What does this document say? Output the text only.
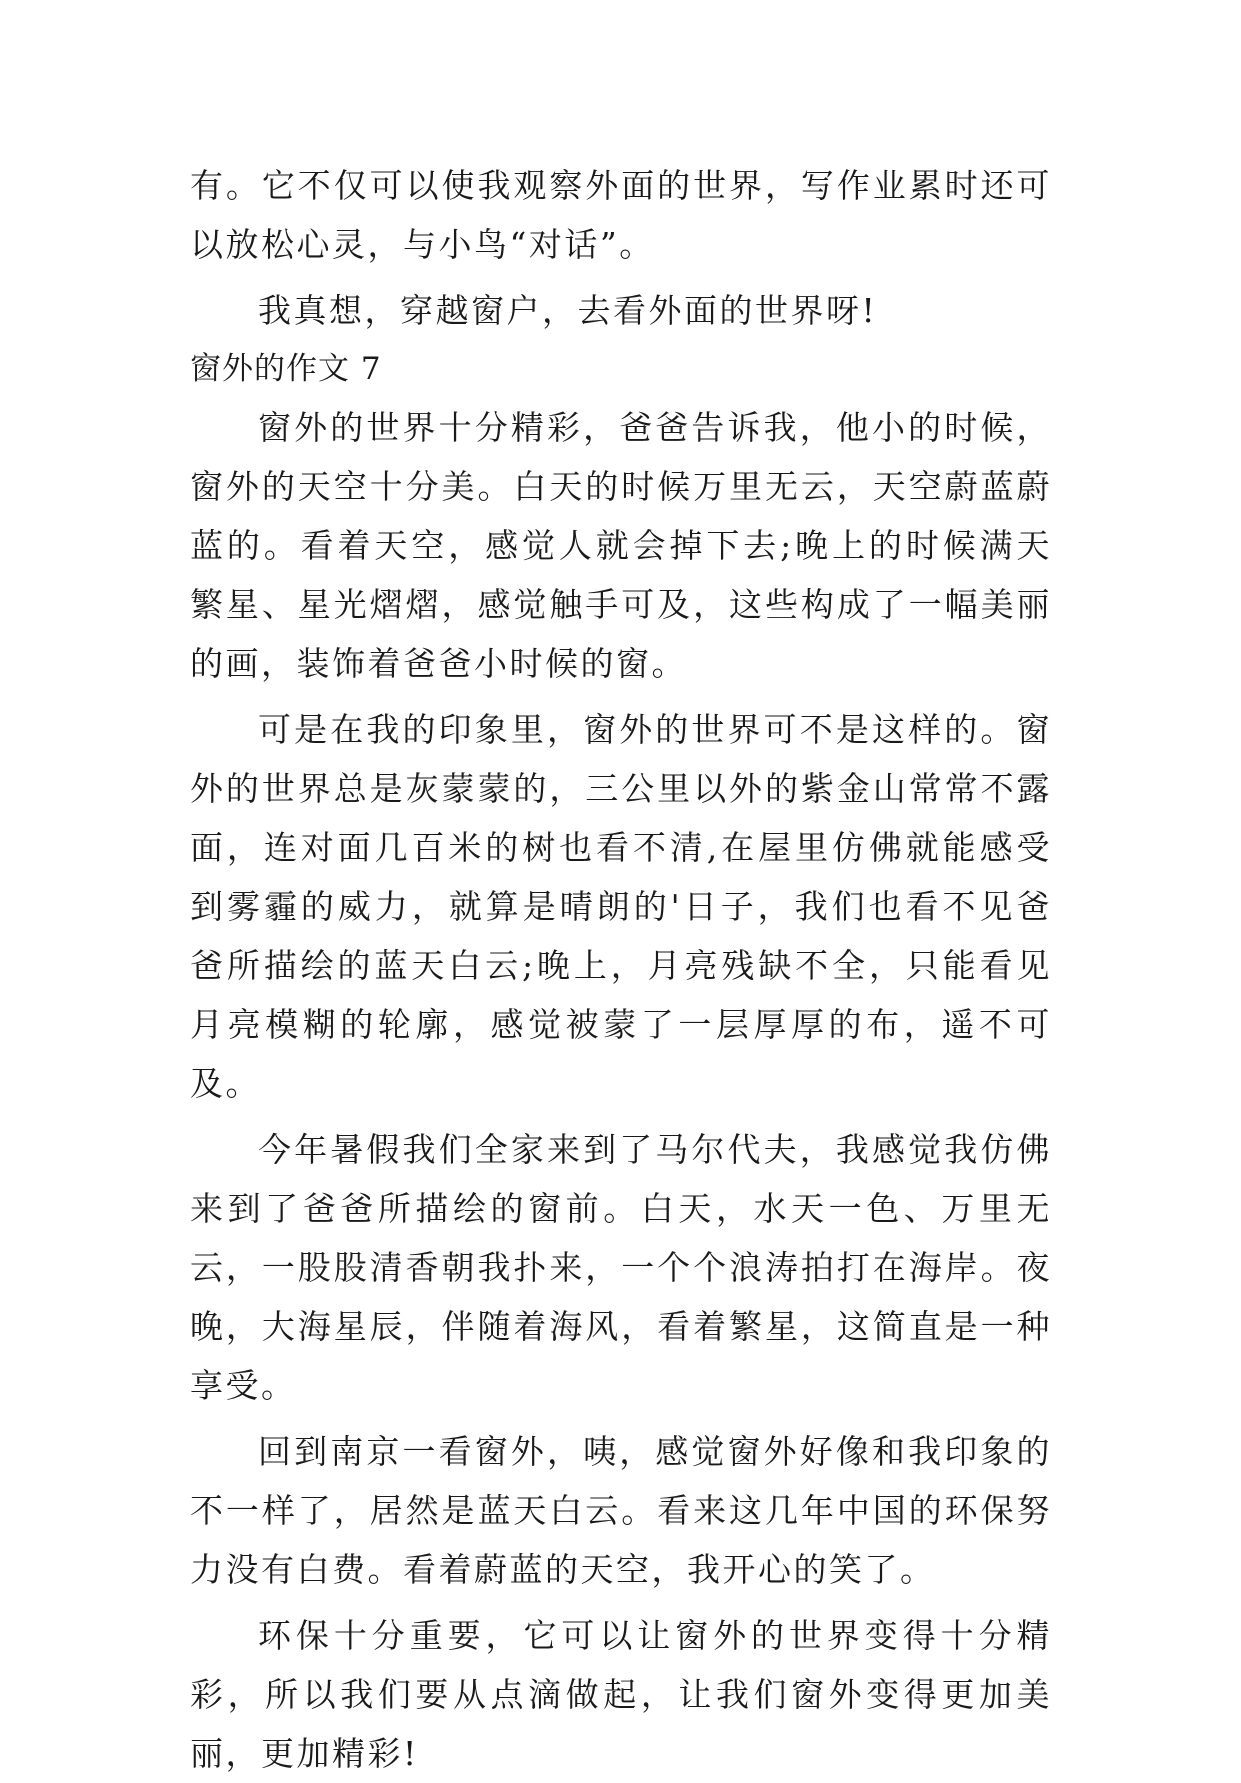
有。它不仅可以使我观察外面的世界，写作业累时还可以放松心灵，与小鸟“对话”。

我真想，穿越窗户，去看外面的世界呀!

窗外的作文 7

窗外的世界十分精彩，爸爸告诉我，他小的时候，窗外的天空十分美。白天的时候万里无云，天空蔚蓝蔚蓝的。看着天空，感觉人就会掉下去;晚上的时候满天繁星、星光熠熠，感觉触手可及，这些构成了一幅美丽的画，装饰着爸爸小时候的窗。

可是在我的印象里，窗外的世界可不是这样的。窗外的世界总是灰蒙蒙的，三公里以外的紫金山常常不露面，连对面几百米的树也看不清,在屋里仿佛就能感受到雾霾的威力，就算是晴朗的'日子，我们也看不见爸爸所描绘的蓝天白云;晚上，月亮残缺不全，只能看见月亮模糊的轮廓，感觉被蒙了一层厚厚的布，遥不可及。

今年暑假我们全家来到了马尔代夫，我感觉我仿佛来到了爸爸所描绘的窗前。白天，水天一色、万里无云，一股股清香朝我扑来，一个个浪涛拍打在海岸。夜晚，大海星辰，伴随着海风，看着繁星，这简直是一种享受。

回到南京一看窗外，咦，感觉窗外好像和我印象的不一样了，居然是蓝天白云。看来这几年中国的环保努力没有白费。看着蔚蓝的天空，我开心的笑了。

环保十分重要，它可以让窗外的世界变得十分精彩，所以我们要从点滴做起，让我们窗外变得更加美丽，更加精彩!
